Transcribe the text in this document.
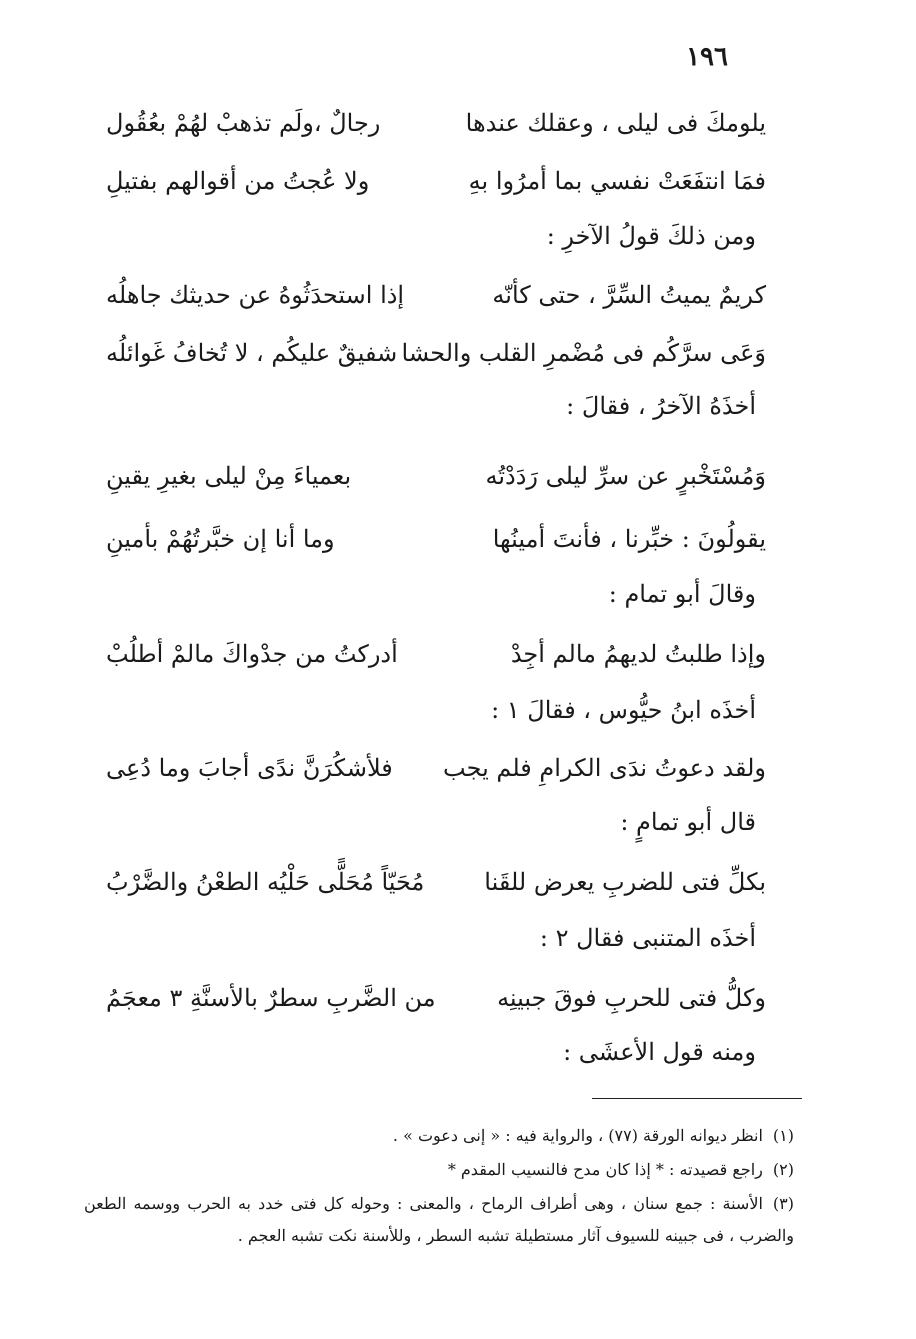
١٩٦
يلومكَ فى ليلى ، وعقلك عندها
رجالٌ ،ولَم تذهبْ لهُمْ بعُقُول
فمَا انتفَعَتْ نفسي بما أمرُوا بهِ
ولا عُجتُ من أقوالهم بفتيلِ
ومن ذلكَ قولُ الآخرِ :
كريمٌ يميتُ السِّرَّ ، حتى كأنّه
إذا استحدَثُوهُ عن حديثك جاهلُه
وَعَى سرَّكُم فى مُضْمرِ القلب والحشا
شفيقٌ عليكُم ، لا تُخافُ غَوائلُه
أخذَهُ الآخرُ ، فقالَ :
وَمُسْتَخْبرٍ عن سرِّ ليلى رَدَدْتُه
بعمياءَ مِنْ ليلى بغيرِ يقينِ
يقولُونَ : خبِّرنا ، فأنتَ أمينُها
وما أنا إن خبَّرتُهُمْ بأمينِ
وقالَ أبو تمام :
وإذا طلبتُ لديهمُ مالم أجِدْ
أدركتُ من جدْواكَ مالمْ أطلُبْ
أخذَه ابنُ حيُّوس ، فقالَ ١ :
ولقد دعوتُ ندَى الكرامِ فلم يجب
فلأشكُرَنَّ ندًى أجابَ وما دُعِى
قال أبو تمامٍ :
بكلِّ فتى للضربِ يعرض للقَنا
مُحَيّاً مُحَلًّى حَلْيُه الطعْنُ والضَّرْبُ
أخذَه المتنبى فقال ٢ :
وكلُّ فتى للحربِ فوقَ جبينِه
من الضَّربِ سطرٌ بالأسنَّةِ ٣ معجَمُ
ومنه قول الأعشَى :
(١)انظر ديوانه الورقة (٧٧) ، والرواية فيه : « إنى دعوت » .
(٢)راجع قصيدته : * إذا كان مدح فالنسيب المقدم *
(٣)الأسنة : جمع سنان ، وهى أطراف الرماح ، والمعنى : وحوله كل فتى خدد به الحرب ووسمه الطعن والضرب ، فى جبينه للسيوف آثار مستطيلة تشبه السطر ، وللأسنة نكت تشبه العجم .
